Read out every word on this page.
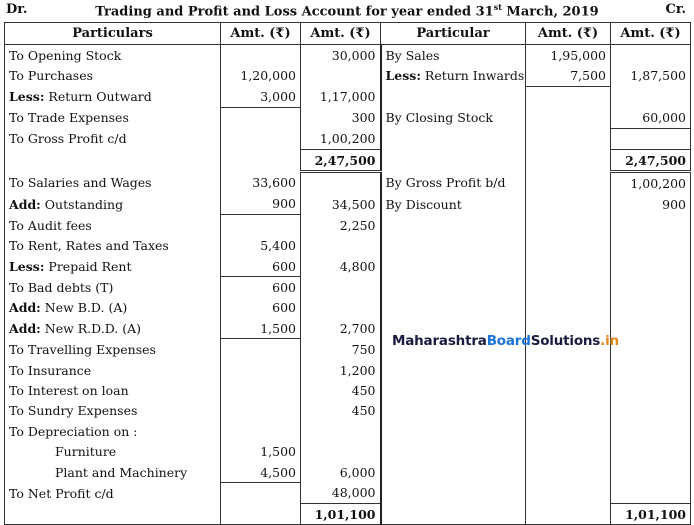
Dr.	Trading and Profit and Loss Account for year ended 31st March, 2019	Cr.
Particulars	Amt. (₹)	Amt. (₹)	Particular	Amt. (₹)	Amt. (₹)
To Opening Stock		30,000	By Sales	1,95,000	
To Purchases	1,20,000		Less: Return Inwards	7,500	1,87,500
Less: Return Outward	3,000	1,17,000			
To Trade Expenses		300	By Closing Stock		60,000
To Gross Profit c/d		1,00,200			
		2,47,500			2,47,500
To Salaries and Wages	33,600		By Gross Profit b/d		1,00,200
Add: Outstanding	900	34,500	By Discount		900
To Audit fees		2,250			
To Rent, Rates and Taxes	5,400				
Less: Prepaid Rent	600	4,800			
To Bad debts (T)	600				
Add: New B.D. (A)	600				
Add: New R.D.D. (A)	1,500	2,700			
To Travelling Expenses		750			
To Insurance		1,200			
To Interest on loan		450			
To Sundry Expenses		450			
To Depreciation on :					
Furniture	1,500				
Plant and Machinery	4,500	6,000			
To Net Profit c/d		48,000			
		1,01,100			1,01,100
MaharashtraBoardSolutions.in
